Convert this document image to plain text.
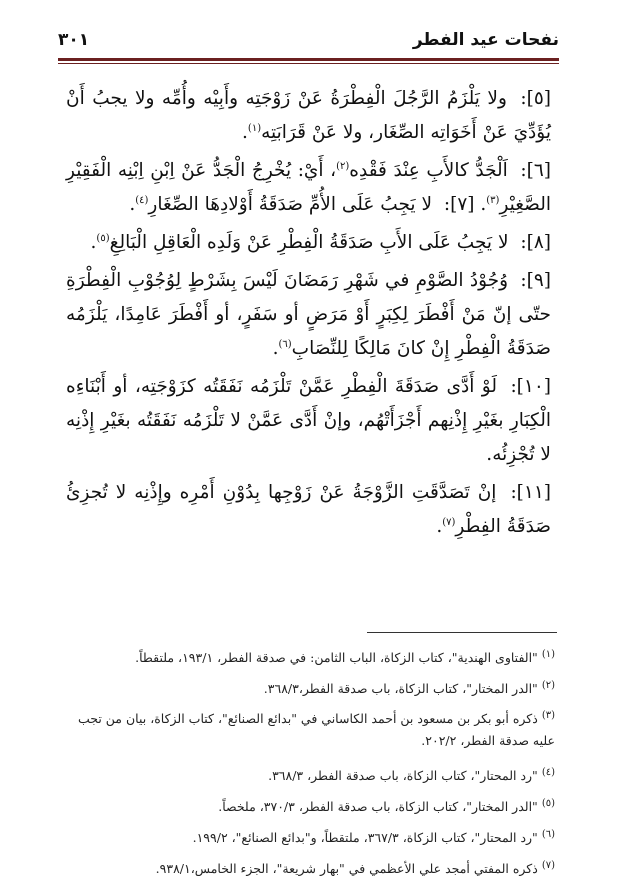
نفحات عيد الفطر
٣٠١

[٥]: ولا يَلْزَمُ الرَّجُلَ الْفِطْرَةُ عَنْ زَوْجَتِه وأَبِيْه وأُمِّه ولا يجبُ أَنْ يُؤَدِّيَ عَنْ أَخَوَاتِه الصِّغَار، ولا عَنْ قَرَابَتِه$^{(١)}$.

[٦]: اَلْجَدُّ كالأَبِ عِنْدَ فَقْدِه$^{(٢)}$، أَيْ: يُخْرِجُ الْجَدُّ عَنْ اِبْنِ اِبْنِه الْفَقِيْرِ الصَّغِيْرِ$^{(٣)}$. [٧]: لا يَجِبُ عَلَى الأُمِّ صَدَقَةُ أَوْلادِهَا الصِّغَارِ$^{(٤)}$.

[٨]: لا يَجِبُ عَلَى الأَبِ صَدَقَةُ الْفِطْرِ عَنْ وَلَدِه الْعَاقِلِ الْبَالِغِ$^{(٥)}$.

[٩]: وُجُوْدُ الصَّوْمِ في شَهْرِ رَمَضَانَ لَيْسَ بِشَرْطٍ لِوُجُوْبِ الْفِطْرَةِ حتّى إنّ مَنْ أَفْطَرَ لِكِبَرٍ أَوْ مَرَضٍ أو سَفَرٍ، أو أَفْطَرَ عَامِدًا، يَلْزَمُه صَدَقَةُ الْفِطْرِ إِنْ كانَ مَالِكًا لِلنِّصَابِ$^{(٦)}$.

[١٠]: لَوْ أَدَّى صَدَقَةَ الْفِطْرِ عَمَّنْ تَلْزَمُه نَفَقَتُه كزَوْجَتِه، أو أَبْنَاءِه الْكِبَارِ بغَيْرِ إِذْنِهم أَجْزَأَتْهُم، وإنْ أَدَّى عَمَّنْ لا تَلْزَمُه نَفَقَتُه بغَيْرِ إِذْنِه لا تُجْزِئُه.

[١١]: إنْ تَصَدَّقَتِ الزَّوْجَةُ عَنْ زَوْجِها بِدُوْنِ أَمْرِه وإِذْنِه لا تُجزِئُ صَدَقَةُ الفِطْرِ$^{(٧)}$.

$^{(١)}$"الفتاوى الهندية"، كتاب الزكاة، الباب الثامن: في صدقة الفطر، ١٩٣/١، ملتقطاً.

$^{(٢)}$"الدر المختار"، كتاب الزكاة، باب صدقة الفطر،٣٦٨/٣.

$^{(٣)}$ذكره أبو بكر بن مسعود بن أحمد الكاساني في "بدائع الصنائع"، كتاب الزكاة، بيان من تجب عليه صدقة الفطر، ٢٠٢/٢.

$^{(٤)}$"رد المحتار"، كتاب الزكاة، باب صدقة الفطر، ٣٦٨/٣.

$^{(٥)}$"الدر المختار"، كتاب الزكاة، باب صدقة الفطر، ٣٧٠/٣، ملخصاً.

$^{(٦)}$"رد المحتار"، كتاب الزكاة، ٣٦٧/٣، ملتقطاً، و"بدائع الصنائع"، ١٩٩/٢.

$^{(٧)}$ذكره المفتي أمجد علي الأعظمي في "بهار شريعة"، الجزء الخامس،٩٣٨/١.
